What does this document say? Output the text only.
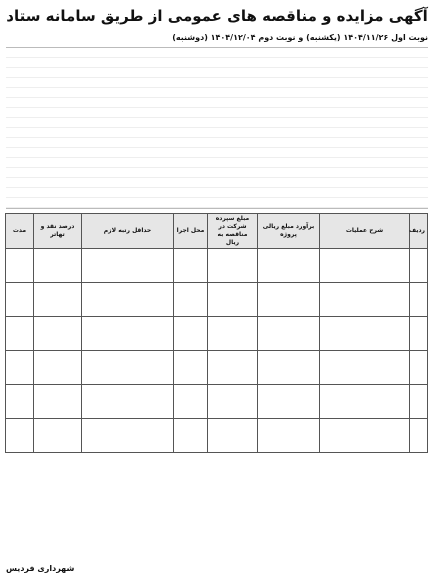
آگهی مزایده و مناقصه های عمومی از طریق سامانه ستاد
نوبت اول ۱۴۰۴/۱۱/۲۶ (یکشنبه) و نوبت دوم ۱۴۰۴/۱۲/۰۴ (دوشنبه)
ردیف	شرح عملیات	برآورد مبلغ ریالی پروژه	مبلغ سپرده شرکت در مناقصه به ریال	محل اجرا	حداقل رتبه لازم	درصد نقد و تهاتر	مدت

شهرداری فردیس
